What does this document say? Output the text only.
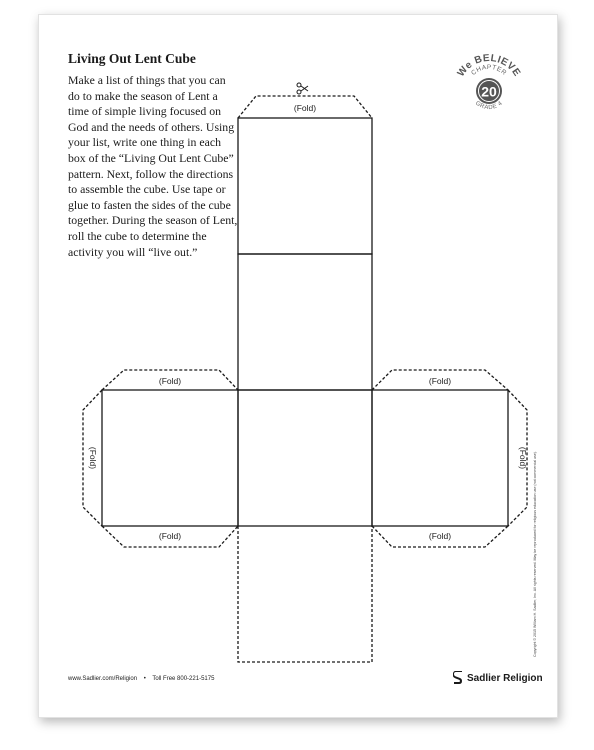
Living Out Lent Cube

Make a list of things that you can do to make the season of Lent a time of simple living focused on God and the needs of others. Using your list, write one thing in each box of the “Living Out Lent Cube” pattern. Next, follow the directions to assemble the cube. Use tape or glue to fasten the sides of the cube together. During the season of Lent, roll the cube to determine the activity you will “live out.”

We BELIEVE
CHAPTER
20
GRADE 4
(Fold)
(Fold)
(Fold)
(Fold)
(Fold)
(Fold)	(Fold) Copyright © 2015 William H. Sadlier, Inc. All rights reserved. May be reproduced for religious education use (not commercial use).
www.Sadlier.com/Religion • Toll Free 800-221-5175	Sadlier Religion
